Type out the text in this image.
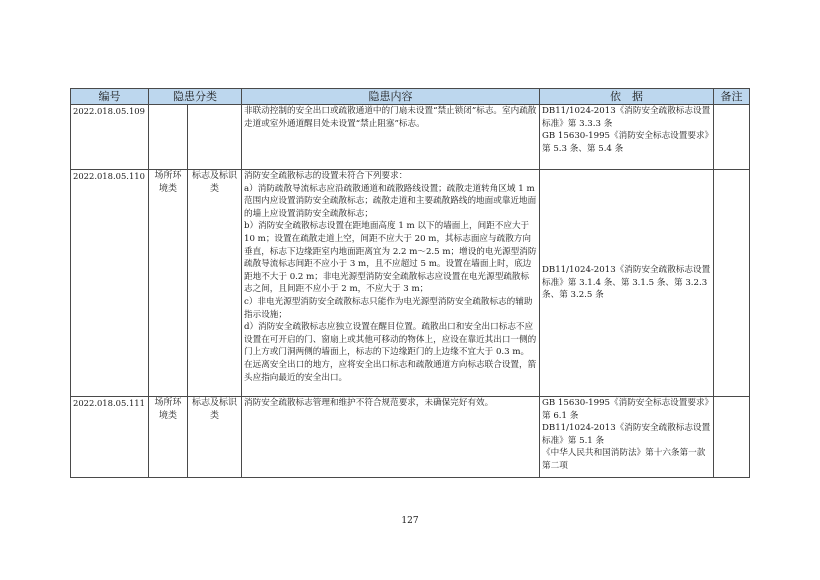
编号	隐患分类		隐患内容	依　据	备注
2022.018.05.109			非联动控制的安全出口或疏散通道中的门扇未设置“禁止锁闭”标志。室内疏散走道或室外通道醒目处未设置“禁止阻塞”标志。	DB11/1024-2013《消防安全疏散标志设置标准》第 3.3.3 条

GB 15630-1995《消防安全标志设置要求》第 5.3 条、第 5.4 条	

2022.018.05.110	场所环境类	标志及标识类	消防安全疏散标志的设置未符合下列要求：

a）消防疏散导流标志应沿疏散通道和疏散路线设置；疏散走道转角区域 1 m 范围内应设置消防安全疏散标志；疏散走道和主要疏散路线的地面或靠近地面的墙上应设置消防安全疏散标志；

b）消防安全疏散标志设置在距地面高度 1 m 以下的墙面上，间距不应大于 10 m；设置在疏散走道上空，间距不应大于 20 m，其标志面应与疏散方向垂直，标志下边缘距室内地面距离宜为 2.2 m～2.5 m；增设的电光源型消防疏散导流标志间距不应小于 3 m，且不应超过 5 m。设置在墙面上时，底边距地不大于 0.2 m；非电光源型消防安全疏散标志应设置在电光源型疏散标志之间，且间距不应小于 2 m，不应大于 3 m；

c）非电光源型消防安全疏散标志只能作为电光源型消防安全疏散标志的辅助指示设施；

d）消防安全疏散标志应独立设置在醒目位置。疏散出口和安全出口标志不应设置在可开启的门、窗扇上或其他可移动的物体上，应设在靠近其出口一侧的门上方或门洞两侧的墙面上，标志的下边缘距门的上边缘不宜大于 0.3 m。在远离安全出口的地方，应将安全出口标志和疏散通道方向标志联合设置，箭头应指向最近的安全出口。	DB11/1024-2013《消防安全疏散标志设置标准》第 3.1.4 条、第 3.1.5 条、第 3.2.3 条、第 3.2.5 条	

2022.018.05.111	场所环境类	标志及标识类	消防安全疏散标志管理和维护不符合规范要求，未确保完好有效。	GB 15630-1995《消防安全标志设置要求》第 6.1 条

DB11/1024-2013《消防安全疏散标志设置标准》第 5.1 条

《中华人民共和国消防法》第十六条第一款第二项	

127
